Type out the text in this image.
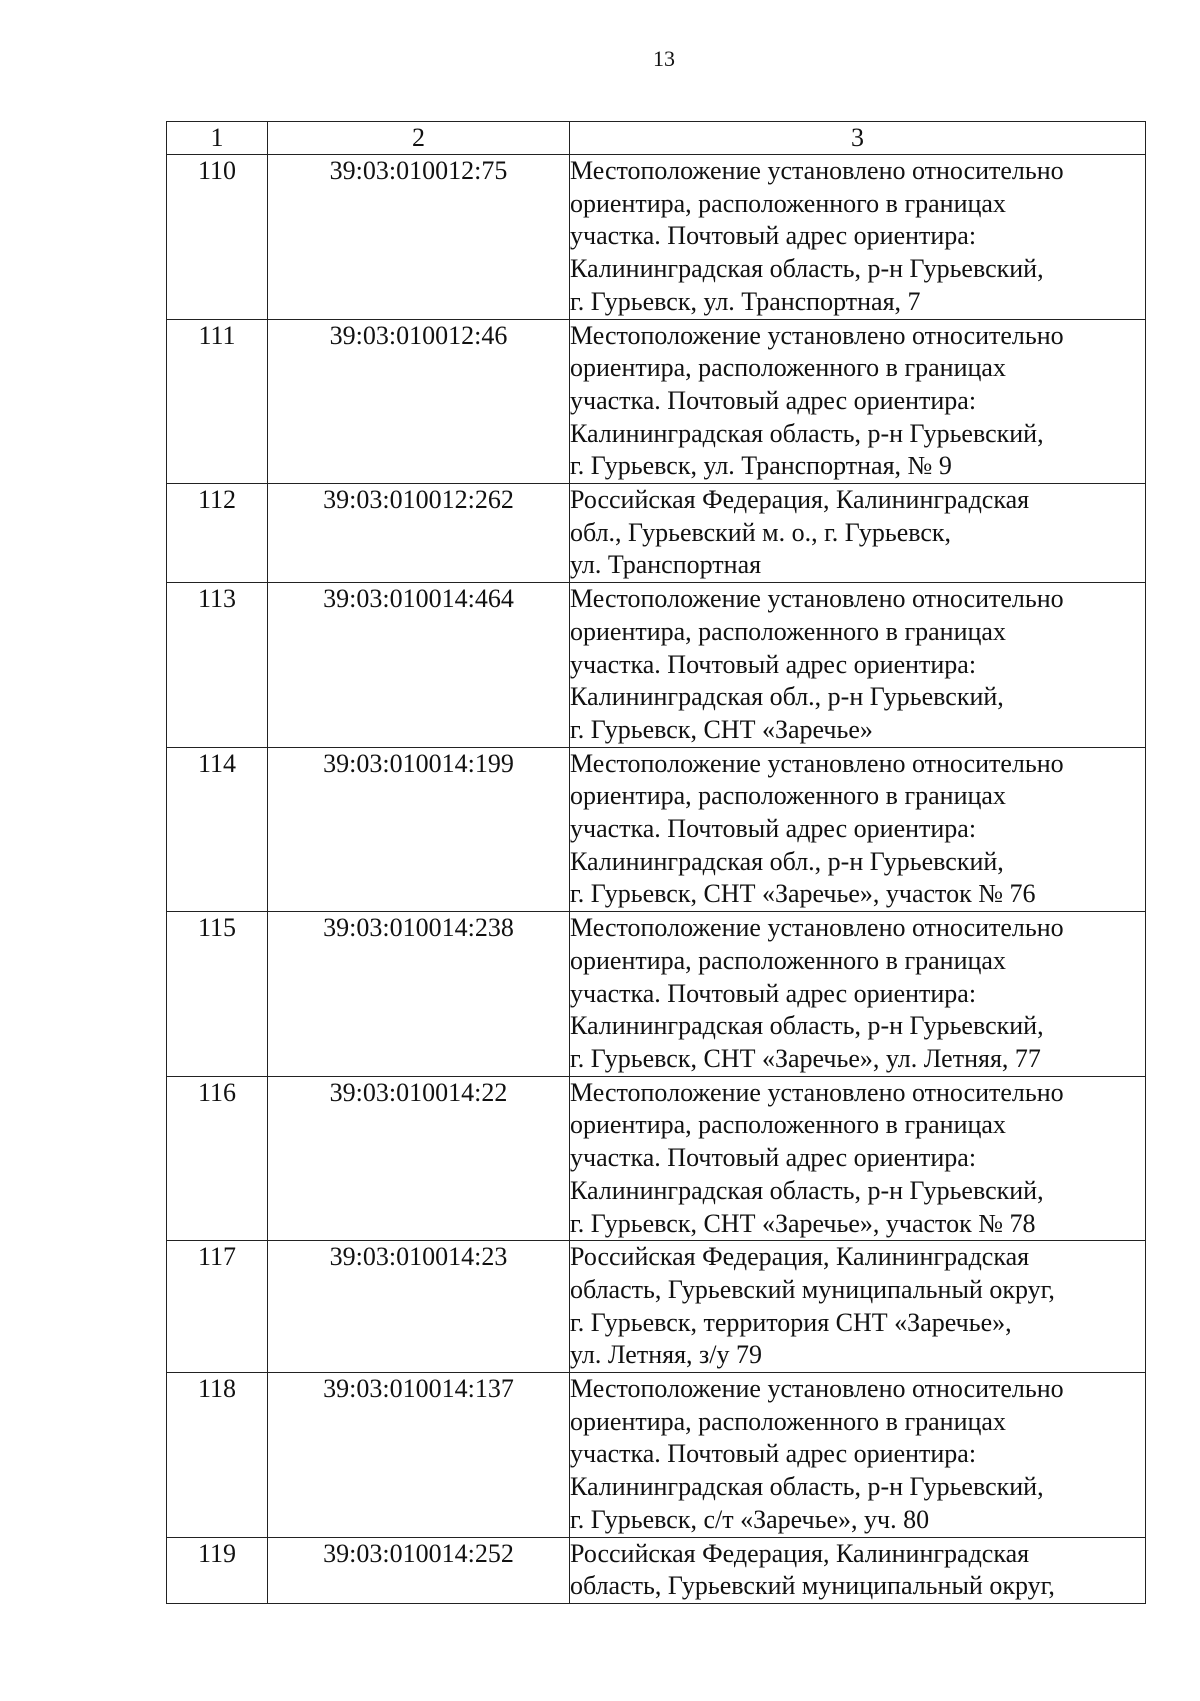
13
1	2	3
110	39:03:010012:75	Местоположение установлено относительно
ориентира, расположенного в границах
участка. Почтовый адрес ориентира:
Калининградская область, р-н Гурьевский,
г. Гурьевск, ул. Транспортная, 7

111	39:03:010012:46	Местоположение установлено относительно
ориентира, расположенного в границах
участка. Почтовый адрес ориентира:
Калининградская область, р-н Гурьевский,
г. Гурьевск, ул. Транспортная, № 9

112	39:03:010012:262	Российская Федерация, Калининградская
обл., Гурьевский м. о., г. Гурьевск,
ул. Транспортная

113	39:03:010014:464	Местоположение установлено относительно
ориентира, расположенного в границах
участка. Почтовый адрес ориентира:
Калининградская обл., р-н Гурьевский,
г. Гурьевск, СНТ «Заречье»

114	39:03:010014:199	Местоположение установлено относительно
ориентира, расположенного в границах
участка. Почтовый адрес ориентира:
Калининградская обл., р-н Гурьевский,
г. Гурьевск, СНТ «Заречье», участок № 76

115	39:03:010014:238	Местоположение установлено относительно
ориентира, расположенного в границах
участка. Почтовый адрес ориентира:
Калининградская область, р-н Гурьевский,
г. Гурьевск, СНТ «Заречье», ул. Летняя, 77

116	39:03:010014:22	Местоположение установлено относительно
ориентира, расположенного в границах
участка. Почтовый адрес ориентира:
Калининградская область, р-н Гурьевский,
г. Гурьевск, СНТ «Заречье», участок № 78

117	39:03:010014:23	Российская Федерация, Калининградская
область, Гурьевский муниципальный округ,
г. Гурьевск, территория СНТ «Заречье»,
ул. Летняя, з/у 79

118	39:03:010014:137	Местоположение установлено относительно
ориентира, расположенного в границах
участка. Почтовый адрес ориентира:
Калининградская область, р-н Гурьевский,
г. Гурьевск, с/т «Заречье», уч. 80

119	39:03:010014:252	Российская Федерация, Калининградская
область, Гурьевский муниципальный округ,
